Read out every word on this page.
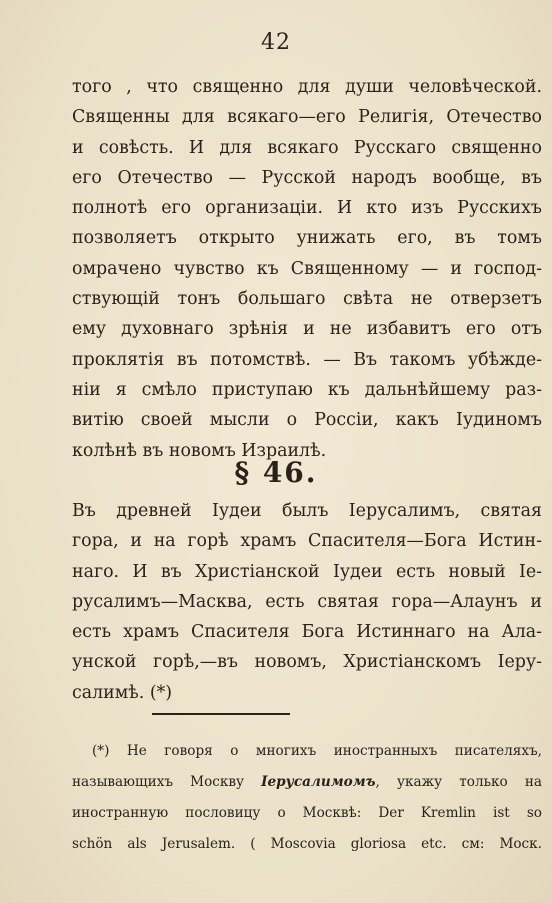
42
того , что священно для души человѣческой.
Священны для всякаго—его Религія, Отечество
и совѣсть. И для всякаго Русскаго священно
его Отечество — Русской народъ вообще, въ
полнотѣ его организаціи. И кто изъ Русскихъ
позволяетъ открыто унижать его, въ томъ
омрачено чувство къ Священному — и господ-
ствующій тонъ большаго свѣта не отверзетъ
ему духовнаго зрѣнія и не избавитъ его отъ
проклятія въ потомствѣ. — Въ такомъ убѣжде-
ніи я смѣло приступаю къ дальнѣйшему раз-
витію своей мысли о Россіи, какъ Іудиномъ
колѣнѣ въ новомъ Израилѣ.
§ 46.
Въ древней Іудеи былъ Іерусалимъ, святая
гора, и на горѣ храмъ Спасителя—Бога Истин-
наго. И въ Христіанской Іудеи есть новый Іе-
русалимъ—Масква, есть святая гора—Алаунъ и
есть храмъ Спасителя Бога Истиннаго на Ала-
унской горѣ,—въ новомъ, Христіанскомъ Іеру-
салимѣ. (*)
(*) Не говоря о многихъ иностранныхъ писателяхъ,
называющихъ Москву Іерусалимомъ, укажу только на
иностранную пословицу о Москвѣ: Der Kremlin ist so
schön als Jerusalem. ( Moscovia gloriosa etc. см: Моск.
